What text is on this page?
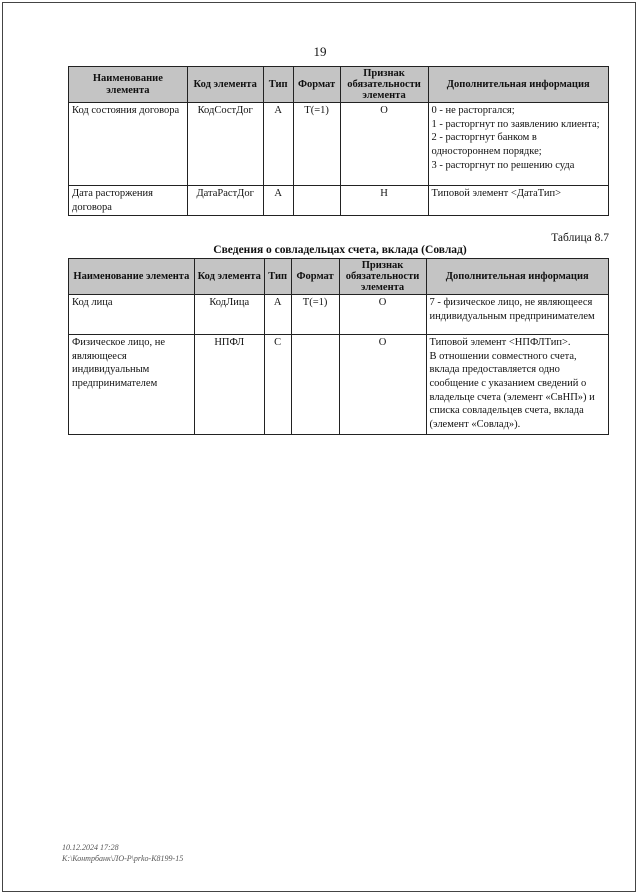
19
Наименование элемента	Код элемента	Тип	Формат	Признак обязательности элемента	Дополнительная информация
Код состояния договора	КодСостДог	А	T(=1)	О	0 - не расторгался;
1 - расторгнут по заявлению клиента;
2 - расторгнут банком в одностороннем порядке;
3 - расторгнут по решению суда

Дата расторжения договора	ДатаРастДог	А		Н	Типовой элемент <ДатаТип>
Таблица 8.7
Сведения о совладельцах счета, вклада (Совлад)
Наименование элемента	Код элемента	Тип	Формат	Признак обязательности элемента	Дополнительная информация
Код лица	КодЛица	А	T(=1)	О	7 - физическое лицо, не являющееся индивидуальным предпринимателем

Физическое лицо, не являющееся индивидуальным предпринимателем	НПФЛ	С		О	Типовой элемент <НПФЛТип>.
В отношении совместного счета, вклада предоставляется одно сообщение с указанием сведений о владельце счета (элемент «СвНП») и списка совладельцев счета, вклада (элемент «Совлад»).
10.12.2024 17:28
К:\Контрбанк\ЛО-Р\prko-K8199-15
